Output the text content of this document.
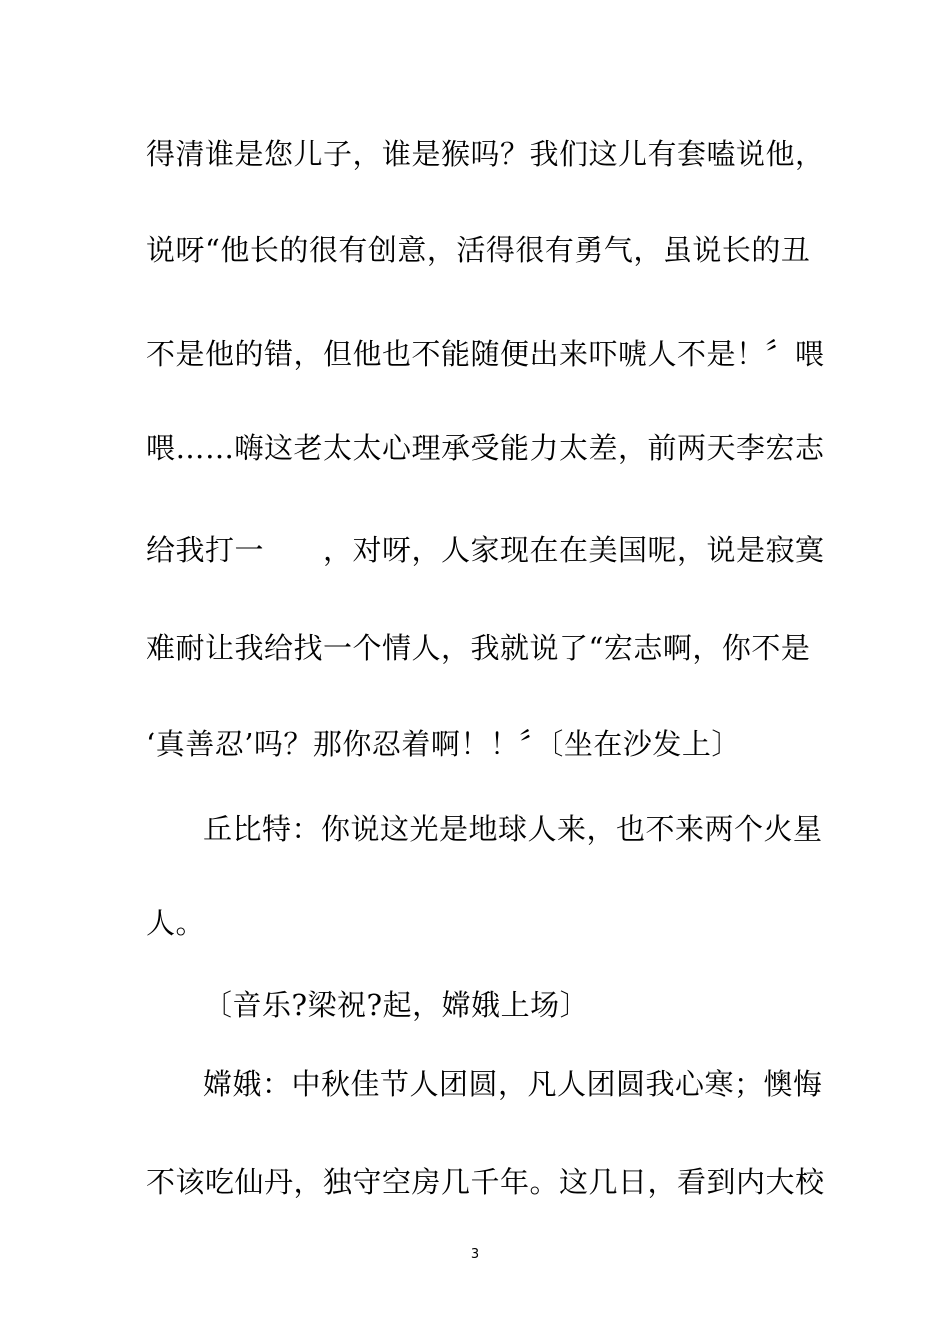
得清谁是您儿子，谁是猴吗？我们这儿有套嗑说他，
说呀“他长的很有创意，活得很有勇气，虽说长的丑
不是他的错，但他也不能随便出来吓唬人不是！〞喂
喂……嗨这老太太心理承受能力太差，前两天李宏志
给我打一　　，对呀，人家现在在美国呢，说是寂寞
难耐让我给找一个情人，我就说了“宏志啊，你不是
‘真善忍’吗？那你忍着啊！！〞〔坐在沙发上〕
丘比特：你说这光是地球人来，也不来两个火星
人。
〔音乐?梁祝?起，嫦娥上场〕
嫦娥：中秋佳节人团圆，凡人团圆我心寒；懊悔
不该吃仙丹，独守空房几千年。这几日，看到内大校
3
